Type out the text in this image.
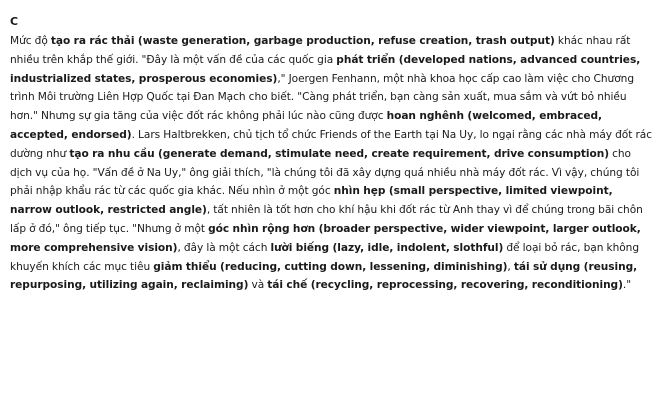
C

Mức độ tạo ra rác thải (waste generation, garbage production, refuse creation, trash output) khác nhau rất nhiều trên khắp thế giới. "Đây là một vấn đề của các quốc gia phát triển (developed nations, advanced countries, industrialized states, prosperous economies)," Joergen Fenhann, một nhà khoa học cấp cao làm việc cho Chương trình Môi trường Liên Hợp Quốc tại Đan Mạch cho biết. "Càng phát triển, bạn càng sản xuất, mua sắm và vứt bỏ nhiều hơn." Nhưng sự gia tăng của việc đốt rác không phải lúc nào cũng được hoan nghênh (welcomed, embraced, accepted, endorsed). Lars Haltbrekken, chủ tịch tổ chức Friends of the Earth tại Na Uy, lo ngại rằng các nhà máy đốt rác dường như tạo ra nhu cầu (generate demand, stimulate need, create requirement, drive consumption) cho dịch vụ của họ. "Vấn đề ở Na Uy," ông giải thích, "là chúng tôi đã xây dựng quá nhiều nhà máy đốt rác. Vì vậy, chúng tôi phải nhập khẩu rác từ các quốc gia khác. Nếu nhìn ở một góc nhìn hẹp (small perspective, limited viewpoint, narrow outlook, restricted angle), tất nhiên là tốt hơn cho khí hậu khi đốt rác từ Anh thay vì để chúng trong bãi chôn lấp ở đó," ông tiếp tục. "Nhưng ở một góc nhìn rộng hơn (broader perspective, wider viewpoint, larger outlook, more comprehensive vision), đây là một cách lười biếng (lazy, idle, indolent, slothful) để loại bỏ rác, bạn không khuyến khích các mục tiêu giảm thiểu (reducing, cutting down, lessening, diminishing), tái sử dụng (reusing, repurposing, utilizing again, reclaiming) và tái chế (recycling, reprocessing, recovering, reconditioning)."
